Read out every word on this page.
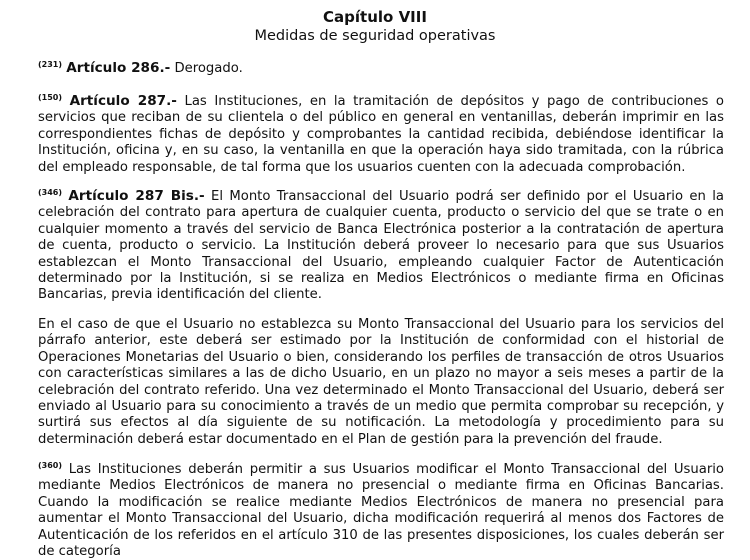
Capítulo VIII
Medidas de seguridad operativas

$^{(231)}$ Artículo 286.- Derogado.

$^{(150)}$ Artículo 287.- Las Instituciones, en la tramitación de depósitos y pago de contribuciones o servicios que reciban de su clientela o del público en general en ventanillas, deberán imprimir en las correspondientes fichas de depósito y comprobantes la cantidad recibida, debiéndose identificar la Institución, oficina y, en su caso, la ventanilla en que la operación haya sido tramitada, con la rúbrica del empleado responsable, de tal forma que los usuarios cuenten con la adecuada comprobación.

$^{(346)}$ Artículo 287 Bis.- El Monto Transaccional del Usuario podrá ser definido por el Usuario en la celebración del contrato para apertura de cualquier cuenta, producto o servicio del que se trate o en cualquier momento a través del servicio de Banca Electrónica posterior a la contratación de apertura de cuenta, producto o servicio. La Institución deberá proveer lo necesario para que sus Usuarios establezcan el Monto Transaccional del Usuario, empleando cualquier Factor de Autenticación determinado por la Institución, si se realiza en Medios Electrónicos o mediante firma en Oficinas Bancarias, previa identificación del cliente.

En el caso de que el Usuario no establezca su Monto Transaccional del Usuario para los servicios del párrafo anterior, este deberá ser estimado por la Institución de conformidad con el historial de Operaciones Monetarias del Usuario o bien, considerando los perfiles de transacción de otros Usuarios con características similares a las de dicho Usuario, en un plazo no mayor a seis meses a partir de la celebración del contrato referido. Una vez determinado el Monto Transaccional del Usuario, deberá ser enviado al Usuario para su conocimiento a través de un medio que permita comprobar su recepción, y surtirá sus efectos al día siguiente de su notificación. La metodología y procedimiento para su determinación deberá estar documentado en el Plan de gestión para la prevención del fraude.

$^{(360)}$ Las Instituciones deberán permitir a sus Usuarios modificar el Monto Transaccional del Usuario mediante Medios Electrónicos de manera no presencial o mediante firma en Oficinas Bancarias. Cuando la modificación se realice mediante Medios Electrónicos de manera no presencial para aumentar el Monto Transaccional del Usuario, dicha modificación requerirá al menos dos Factores de Autenticación de los referidos en el artículo 310 de las presentes disposiciones, los cuales deberán ser de categoría
